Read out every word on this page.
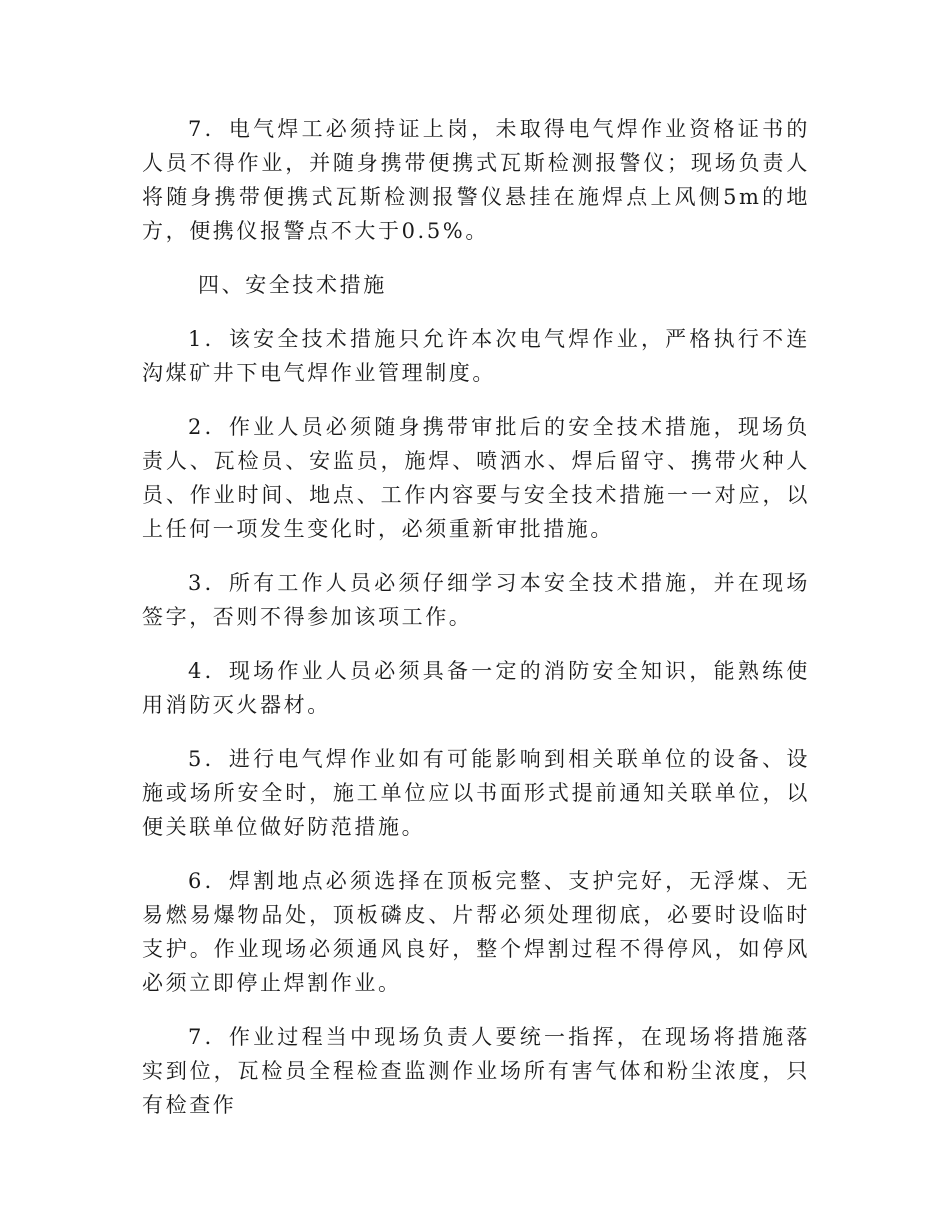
7．电气焊工必须持证上岗，未取得电气焊作业资格证书的人员不得作业，并随身携带便携式瓦斯检测报警仪；现场负责人将随身携带便携式瓦斯检测报警仪悬挂在施焊点上风侧5m的地方，便携仪报警点不大于0.5%。

四、安全技术措施

1．该安全技术措施只允许本次电气焊作业，严格执行不连沟煤矿井下电气焊作业管理制度。

2．作业人员必须随身携带审批后的安全技术措施，现场负责人、瓦检员、安监员，施焊、喷洒水、焊后留守、携带火种人员、作业时间、地点、工作内容要与安全技术措施一一对应，以上任何一项发生变化时，必须重新审批措施。

3．所有工作人员必须仔细学习本安全技术措施，并在现场签字，否则不得参加该项工作。

4．现场作业人员必须具备一定的消防安全知识，能熟练使用消防灭火器材。

5．进行电气焊作业如有可能影响到相关联单位的设备、设施或场所安全时，施工单位应以书面形式提前通知关联单位，以便关联单位做好防范措施。

6．焊割地点必须选择在顶板完整、支护完好，无浮煤、无易燃易爆物品处，顶板磷皮、片帮必须处理彻底，必要时设临时支护。作业现场必须通风良好，整个焊割过程不得停风，如停风必须立即停止焊割作业。

7．作业过程当中现场负责人要统一指挥，在现场将措施落实到位，瓦检员全程检查监测作业场所有害气体和粉尘浓度，只有检查作
